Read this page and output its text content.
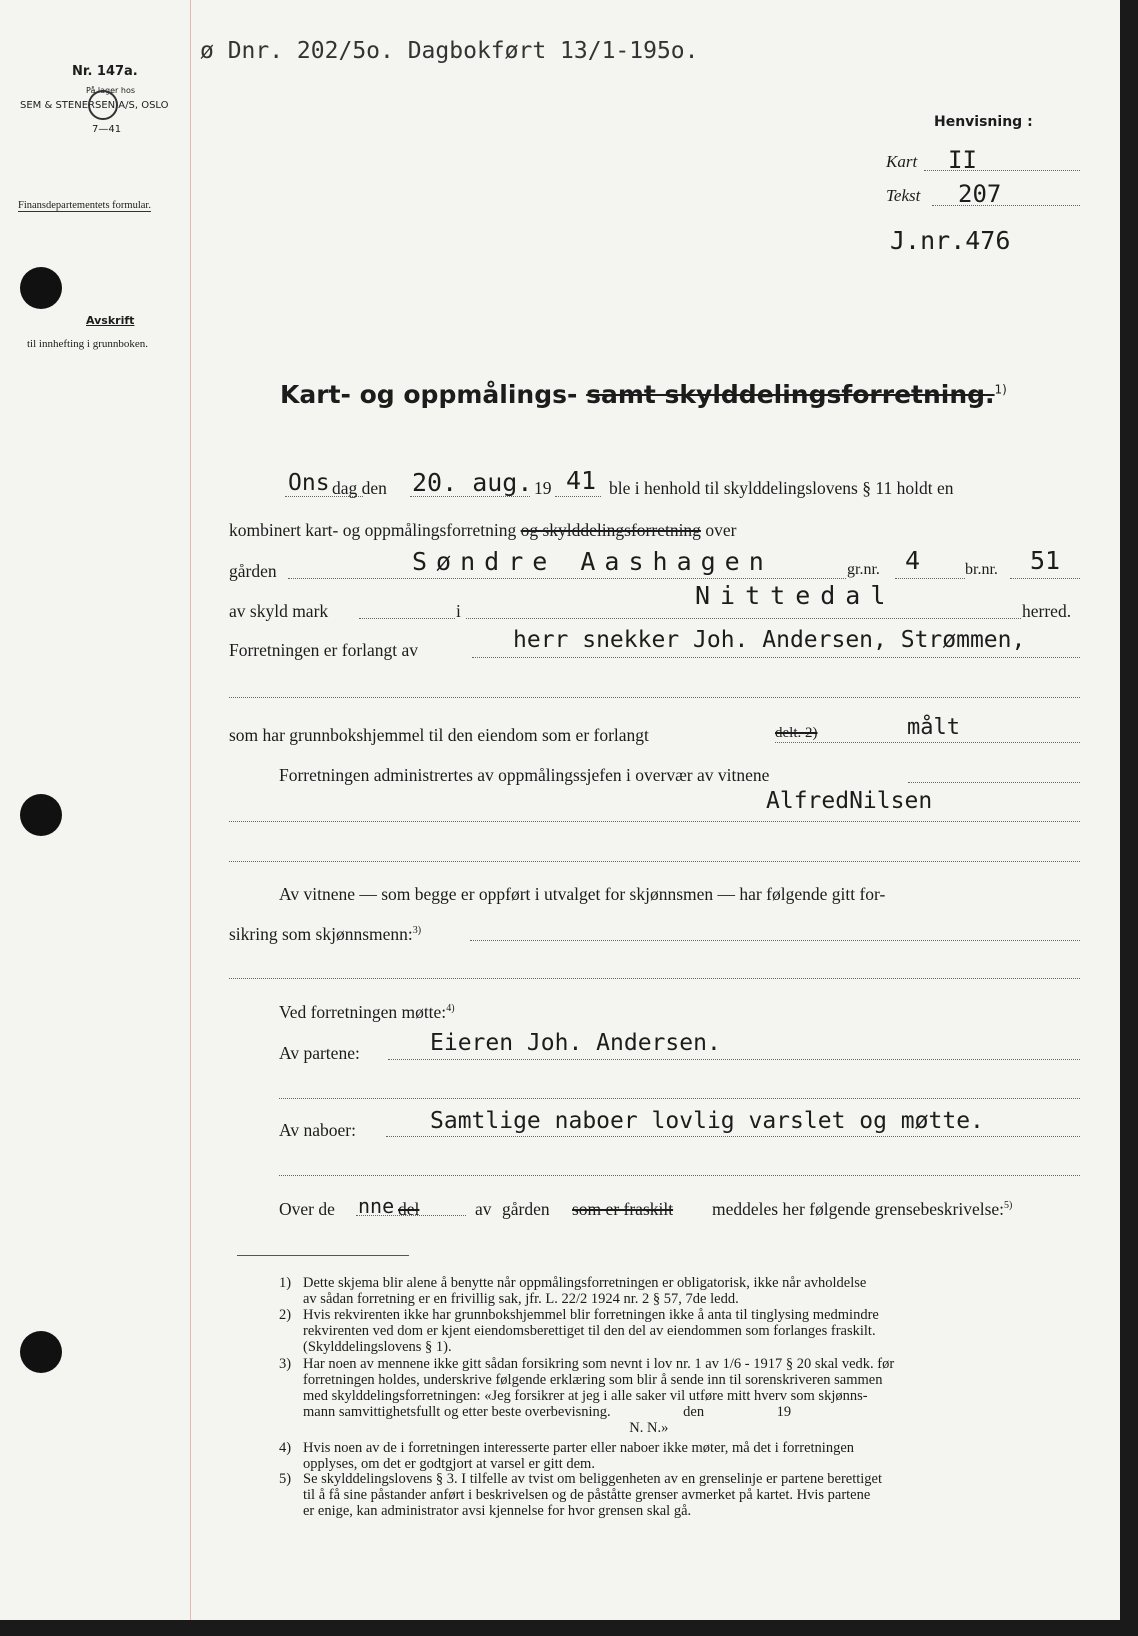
ø Dnr. 202/5o. Dagbokført 13/1-195o.
Nr. 147a.
På lager hos
SEM & STENERSEN A/S, OSLO
7—41
Finansdepartementets formular.
Avskrift
til innhefting i grunnboken.
Henvisning :
Kart II
Tekst 207
J.nr.476
Kart- og oppmålings- samt skylddelingsforretning.$^{1)}$
Ons dag den 20. aug. 19 41 ble i henhold til skylddelingslovens § 11 holdt en
kombinert kart- og oppmålingsforretning og skylddelingsforretning over
gården	Søndre Aashagen	gr.nr. 4	br.nr. 51
av skyld mark	i
Nittedal
herred.
Forretningen er forlangt av	herr snekker Joh. Andersen, Strømmen,
som har grunnbokshjemmel til den eiendom som er forlangt	delt. 2)	målt
Forretningen administrertes av oppmålingssjefen i overvær av vitnene
AlfredNilsen
Av vitnene — som begge er oppført i utvalget for skjønnsmen — har følgende gitt for-
sikring som skjønnsmenn:$^{3)}$
Ved forretningen møtte:$^{4)}$
Av partene:	Eieren Joh. Andersen.
Av naboer:	Samtlige naboer lovlig varslet og møtte.
Over de nne del	av gården som er fraskilt meddeles her følgende grensebeskrivelse:$^{5)}$
1) Dette skjema blir alene å benytte når oppmålingsforretningen er obligatorisk, ikke når avholdelse
av sådan forretning er en frivillig sak, jfr. L. 22/2 1924 nr. 2 § 57, 7de ledd.
2) Hvis rekvirenten ikke har grunnbokshjemmel blir forretningen ikke å anta til tinglysing medmindre
rekvirenten ved dom er kjent eiendomsberettiget til den del av eiendommen som forlanges fraskilt.
(Skylddelingslovens § 1).
3) Har noen av mennene ikke gitt sådan forsikring som nevnt i lov nr. 1 av 1/6 - 1917 § 20 skal vedk. før
forretningen holdes, underskrive følgende erklæring som blir å sende inn til sorenskriveren sammen
med skylddelingsforretningen: «Jeg forsikrer at jeg i alle saker vil utføre mitt hverv som skjønns-
mann samvittighetsfullt og etter beste overbevisning.                    den                    19
N. N.»
4) Hvis noen av de i forretningen interesserte parter eller naboer ikke møter, må det i forretningen
opplyses, om det er godtgjort at varsel er gitt dem.
5) Se skylddelingslovens § 3. I tilfelle av tvist om beliggenheten av en grenselinje er partene berettiget
til å få sine påstander anført i beskrivelsen og de påståtte grenser avmerket på kartet. Hvis partene
er enige, kan administrator avsi kjennelse for hvor grensen skal gå.
